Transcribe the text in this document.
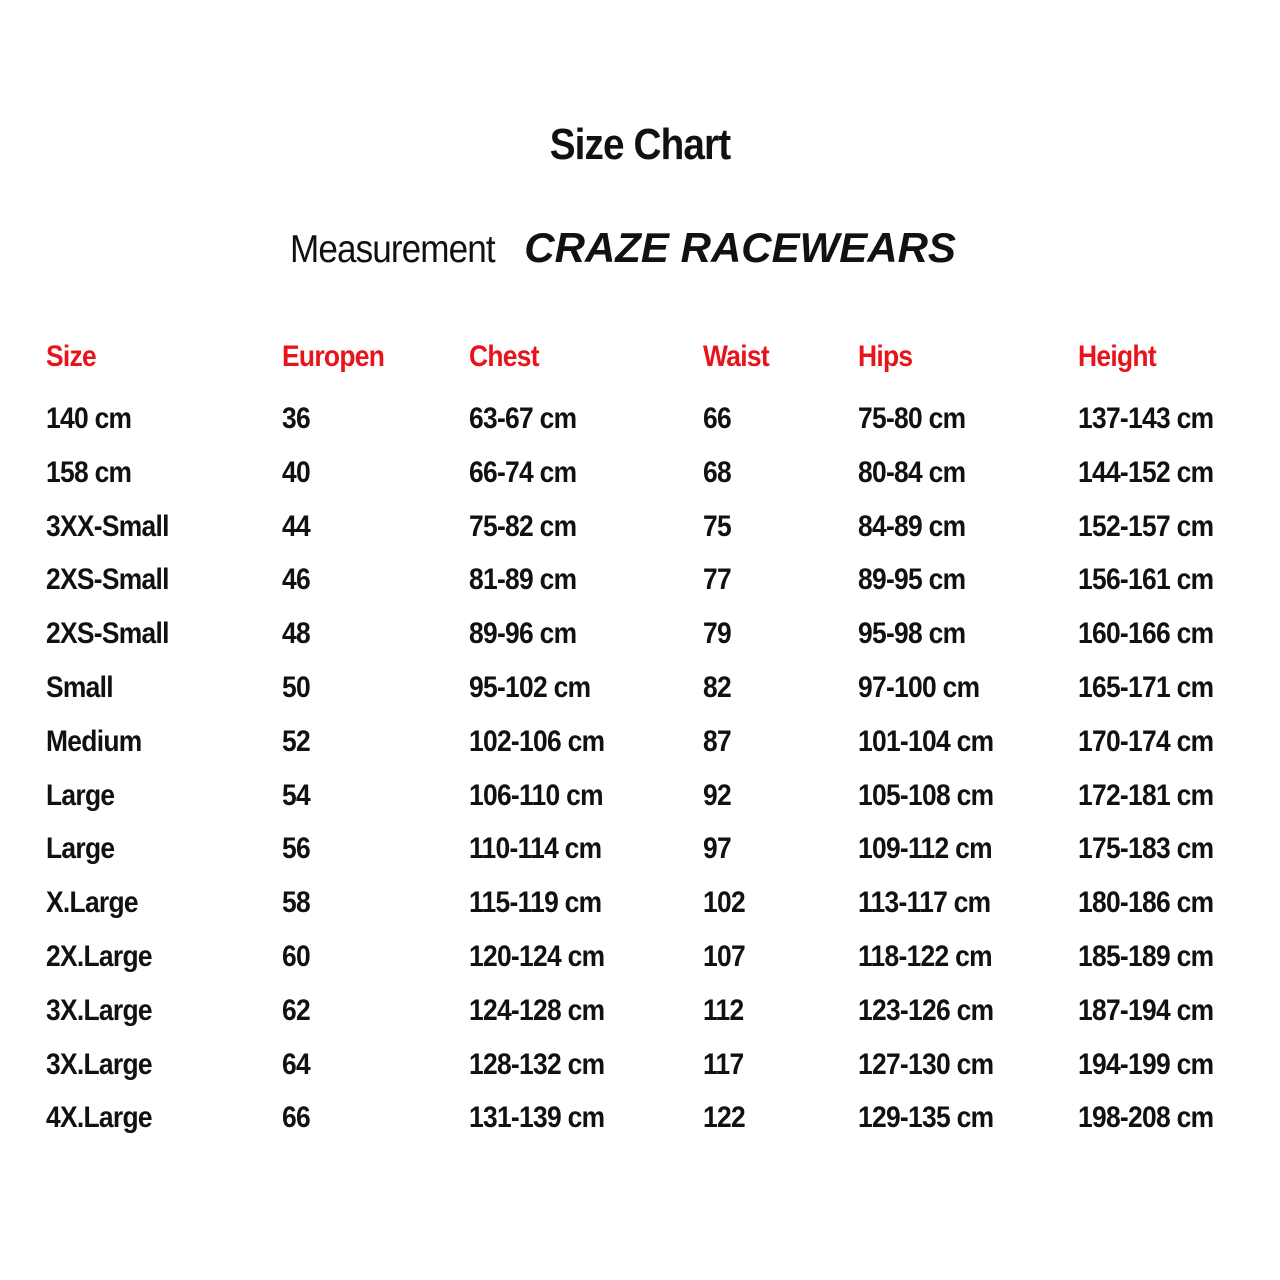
Size Chart
Measurement CRAZE RACEWEARS
Size	Europen	Chest	Waist	Hips	Height
140 cm	36	63-67 cm	66	75-80 cm	137-143 cm
158 cm	40	66-74 cm	68	80-84 cm	144-152 cm
3XX-Small	44	75-82 cm	75	84-89 cm	152-157 cm
2XS-Small	46	81-89 cm	77	89-95 cm	156-161 cm
2XS-Small	48	89-96 cm	79	95-98 cm	160-166 cm
Small	50	95-102 cm	82	97-100 cm	165-171 cm
Medium	52	102-106 cm	87	101-104 cm	170-174 cm
Large	54	106-110 cm	92	105-108 cm	172-181 cm
Large	56	110-114 cm	97	109-112 cm	175-183 cm
X.Large	58	115-119 cm	102	113-117 cm	180-186 cm
2X.Large	60	120-124 cm	107	118-122 cm	185-189 cm
3X.Large	62	124-128 cm	112	123-126 cm	187-194 cm
3X.Large	64	128-132 cm	117	127-130 cm	194-199 cm
4X.Large	66	131-139 cm	122	129-135 cm	198-208 cm
